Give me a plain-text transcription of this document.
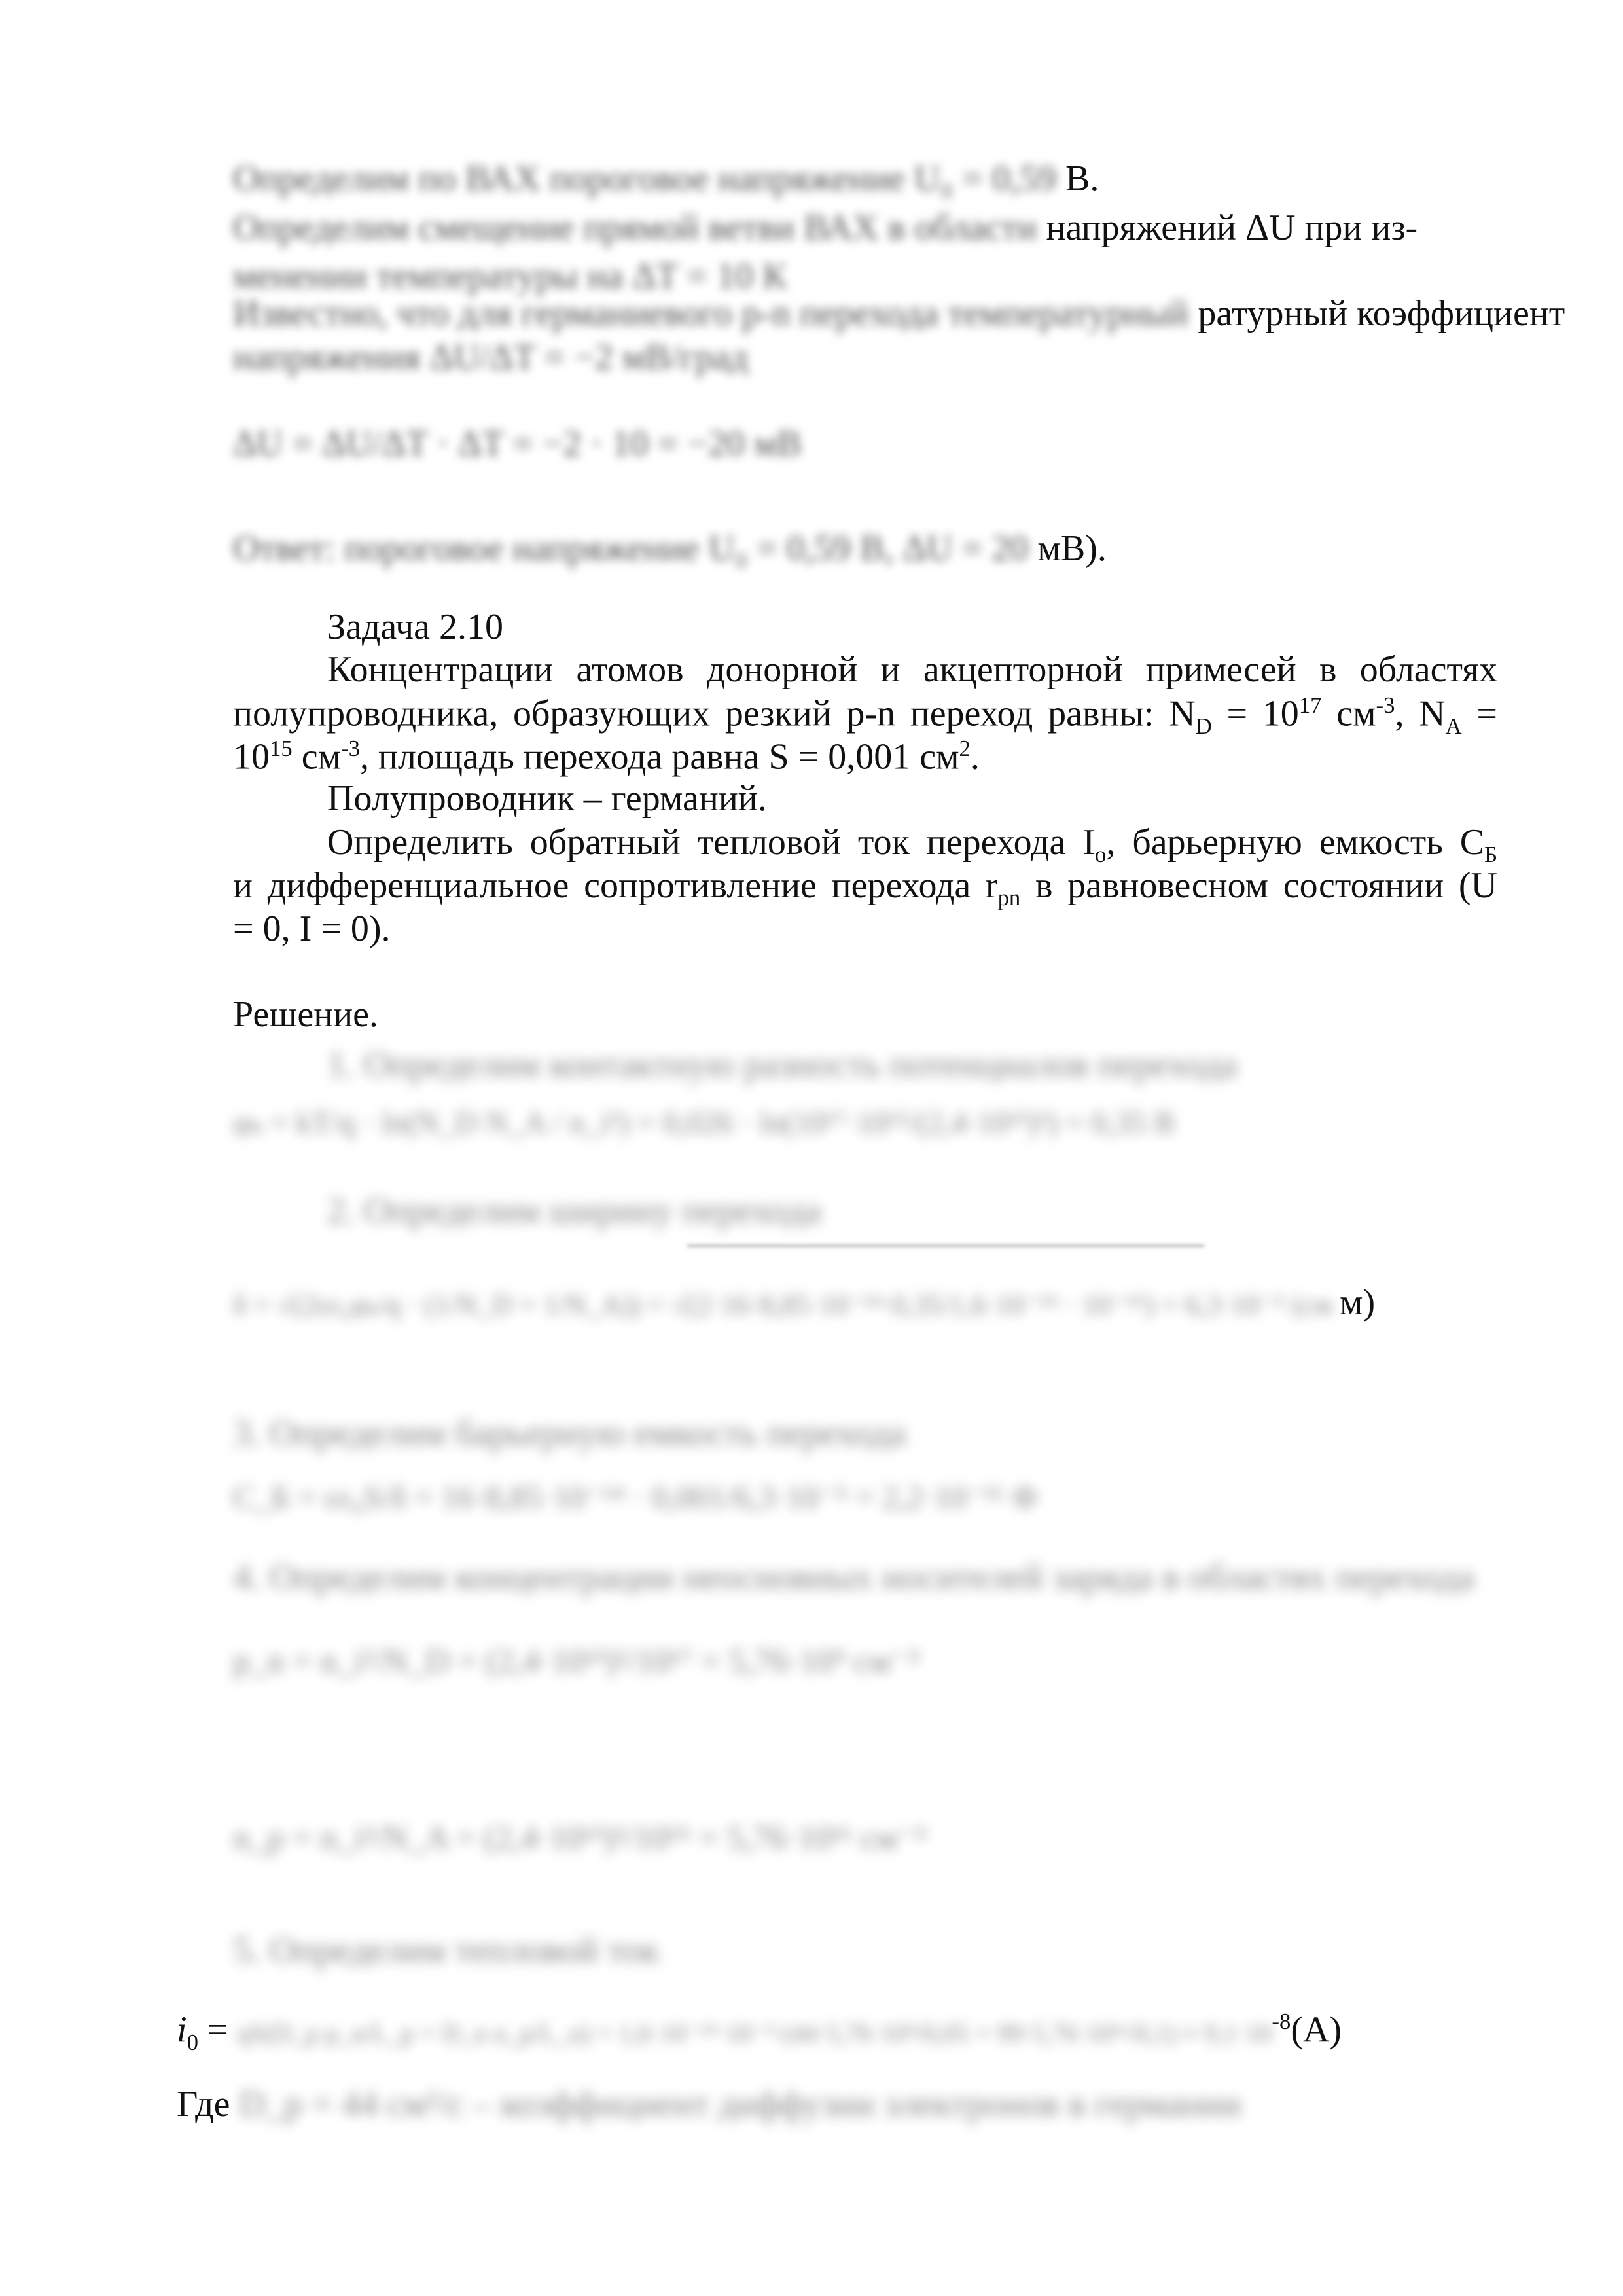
Определим по ВАХ пороговое напряжение U₀ = 0,59 В.
Определим смещение прямой ветви ВАХ в области напряжений ΔU при из-
менении температуры на ΔT = 10 К
Известно, что для германиевого p-n перехода температурный ратурный коэффициент
напряжения ΔU/ΔT = −2 мВ/град
ΔU = ΔU/ΔT · ΔT = −2 · 10 = −20 мВ
Ответ: пороговое напряжение U₀ = 0,59 В, ΔU = 20 мВ).
Задача 2.10
Концентрации атомов донорной и акцепторной примесей в областях
полупроводника, образующих резкий p-n переход равны: $N_D = 10^{17}$ $см^{-3}$, $N_A$ =
$10^{15}$ $см^{-3}$, площадь перехода равна S = 0,001 $см^2$.
Полупроводник – германий.
Определить обратный тепловой ток перехода $I_o$, барьерную емкость $C_Б$
и дифференциальное сопротивление перехода $r_{pn}$ в равновесном состоянии (U
= 0, I = 0).
Решение.
1. Определим контактную разность потенциалов перехода
φₖ = kT/q · ln(N_D N_A / n_i²) = 0,026 · ln(10¹⁷·10¹⁵/(2,4·10¹³)²) = 0,35 В
2. Определим ширину перехода
δ = √(2εε₀φₖ/q · (1/N_D + 1/N_A)) = √(2·16·8,85·10⁻¹⁴·0,35/1,6·10⁻¹⁹ · 10⁻¹⁵) = 6,3·10⁻⁵ (см м)
3. Определим барьерную емкость перехода
C_Б = εε₀S/δ = 16·8,85·10⁻¹⁴ · 0,001/6,3·10⁻⁵ = 2,2·10⁻¹¹ Ф
4. Определим концентрации неосновных носителей заряда в областях перехода
p_n = n_i²/N_D = (2,4·10¹³)²/10¹⁷ = 5,76·10⁹ см⁻³
n_p = n_i²/N_A = (2,4·10¹³)²/10¹⁵ = 5,76·10¹¹ см⁻³
5. Определим тепловой ток
$i_0$ = qS(D_p p_n/L_p + D_n n_p/L_n) = $1,6\cdot 10^{-19}\cdot 10^{-3}\cdot(44\cdot 5,76\cdot 10^9/0,05 + 99\cdot 5,76\cdot 10^{11}/0,1) \approx 9,1\cdot 10^{-8}(А)$
Где D_p = 44 см²/с – коэффициент диффузии электронов в германии
